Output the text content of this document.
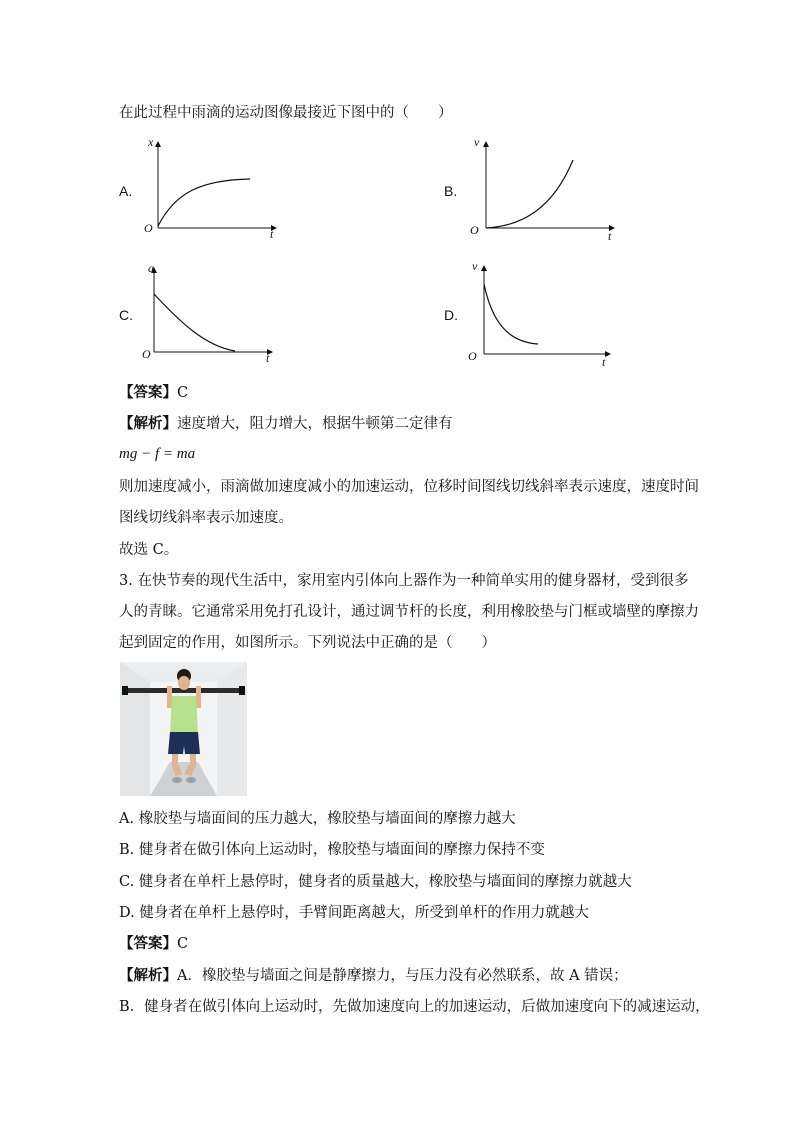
在此过程中雨滴的运动图像最接近下图中的（　　）
A.
x
O	t
B.
v
O	t
C.
a
O	t
D.
v
O	t
【答案】C
【解析】速度增大，阻力增大，根据牛顿第二定律有
mg − f = ma
则加速度减小，雨滴做加速度减小的加速运动，位移时间图线切线斜率表示速度，速度时间
图线切线斜率表示加速度。
故选 C。
3. 在快节奏的现代生活中，家用室内引体向上器作为一种简单实用的健身器材，受到很多
人的青睐。它通常采用免打孔设计，通过调节杆的长度，利用橡胶垫与门框或墙壁的摩擦力
起到固定的作用，如图所示。下列说法中正确的是（　　）
A. 橡胶垫与墙面间的压力越大，橡胶垫与墙面间的摩擦力越大
B. 健身者在做引体向上运动时，橡胶垫与墙面间的摩擦力保持不变
C. 健身者在单杆上悬停时，健身者的质量越大，橡胶垫与墙面间的摩擦力就越大
D. 健身者在单杆上悬停时，手臂间距离越大，所受到单杆的作用力就越大
【答案】C
【解析】A．橡胶垫与墙面之间是静摩擦力，与压力没有必然联系，故 A 错误；
B．健身者在做引体向上运动时，先做加速度向上的加速运动，后做加速度向下的减速运动，
